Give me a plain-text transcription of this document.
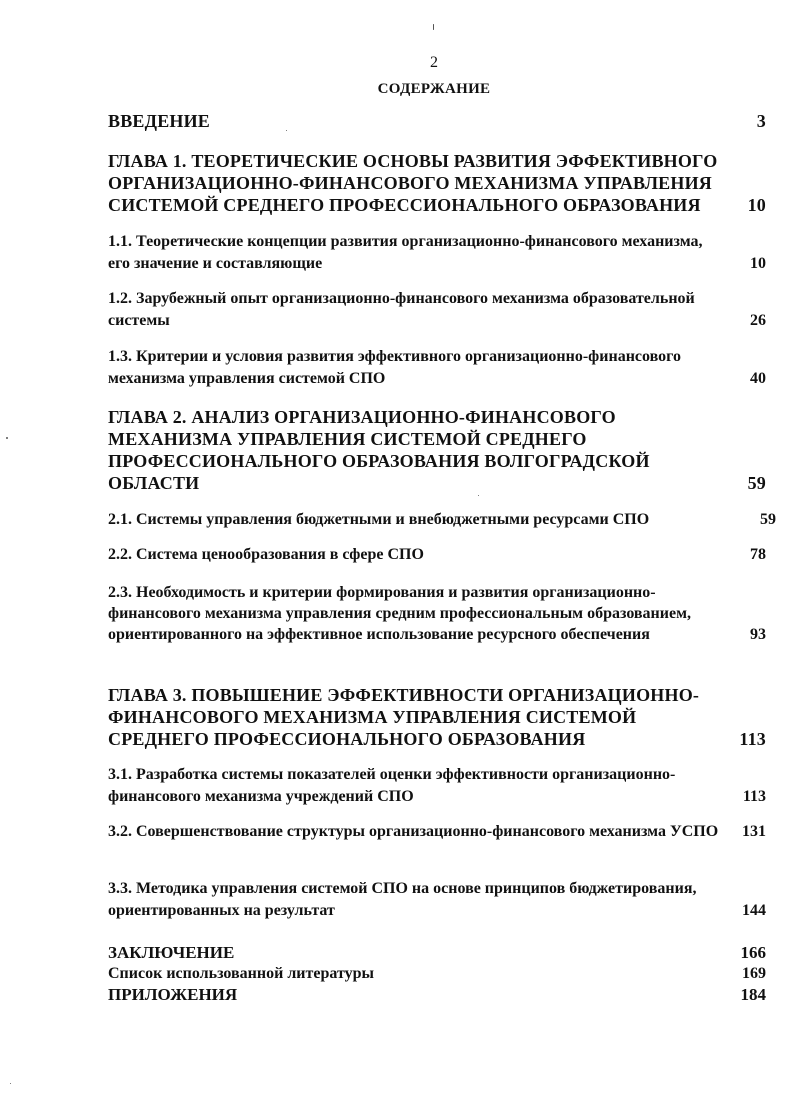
2
СОДЕРЖАНИЕ
ВВЕДЕНИЕ	3
ГЛАВА 1. ТЕОРЕТИЧЕСКИЕ ОСНОВЫ РАЗВИТИЯ ЭФФЕКТИВНОГО ОРГАНИЗАЦИОННО-ФИНАНСОВОГО МЕХАНИЗМА УПРАВЛЕНИЯ СИСТЕМОЙ СРЕДНЕГО ПРОФЕССИОНАЛЬНОГО ОБРАЗОВАНИЯ	10
1.1. Теоретические концепции развития организационно-финансового механизма, его значение и составляющие	10
1.2. Зарубежный опыт организационно-финансового механизма образовательной системы	26
1.3. Критерии и условия развития эффективного организационно-финансового механизма управления системой СПО	40
ГЛАВА 2. АНАЛИЗ ОРГАНИЗАЦИОННО-ФИНАНСОВОГО МЕХАНИЗМА УПРАВЛЕНИЯ СИСТЕМОЙ СРЕДНЕГО ПРОФЕССИОНАЛЬНОГО ОБРАЗОВАНИЯ ВОЛГОГРАДСКОЙ ОБЛАСТИ	59
2.1. Системы управления бюджетными и внебюджетными ресурсами СПО	59
2.2. Система ценообразования в сфере СПО	78
2.3. Необходимость и критерии формирования и развития организационно-финансового механизма управления средним профессиональным образованием, ориентированного на эффективное использование ресурсного обеспечения	93
ГЛАВА 3. ПОВЫШЕНИЕ ЭФФЕКТИВНОСТИ ОРГАНИЗАЦИОННО-ФИНАНСОВОГО МЕХАНИЗМА УПРАВЛЕНИЯ СИСТЕМОЙ СРЕДНЕГО ПРОФЕССИОНАЛЬНОГО ОБРАЗОВАНИЯ	113
3.1. Разработка системы показателей оценки эффективности организационно-финансового механизма учреждений СПО	113
3.2. Совершенствование структуры организационно-финансового механизма УСПО	131
3.3. Методика управления системой СПО на основе принципов бюджетирования, ориентированных на результат	144
ЗАКЛЮЧЕНИЕ	166
Список использованной литературы	169
ПРИЛОЖЕНИЯ	184
